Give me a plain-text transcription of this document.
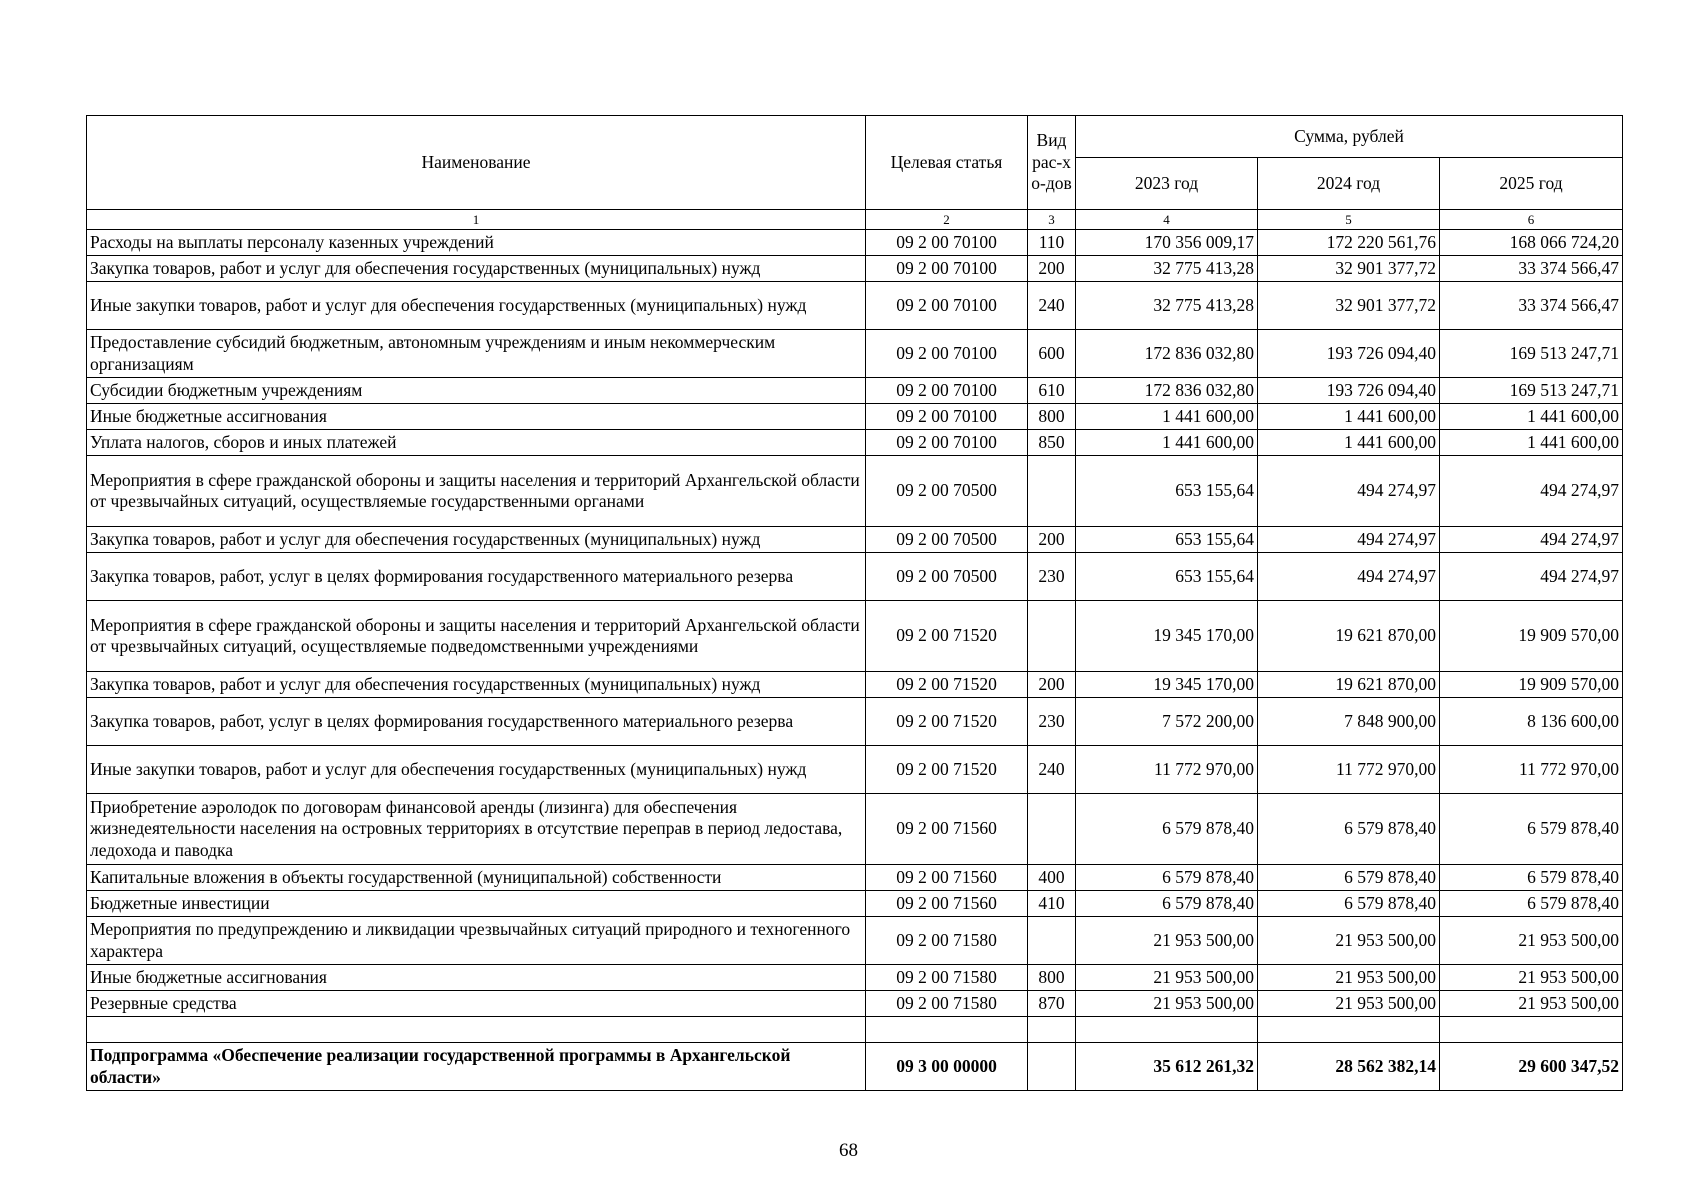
Наименование	Целевая статья	Вид рас-хо-дов	Сумма, рублей		
			2023 год	2024 год	2025 год
1	2	3	4	5	6
Расходы на выплаты персоналу казенных учреждений	09 2 00 70100	110	170 356 009,17	172 220 561,76	168 066 724,20
Закупка товаров, работ и услуг для обеспечения государственных (муниципальных) нужд	09 2 00 70100	200	32 775 413,28	32 901 377,72	33 374 566,47
Иные закупки товаров, работ и услуг для обеспечения государственных (муниципальных) нужд	09 2 00 70100	240	32 775 413,28	32 901 377,72	33 374 566,47
Предоставление субсидий бюджетным, автономным учреждениям и иным некоммерческим организациям	09 2 00 70100	600	172 836 032,80	193 726 094,40	169 513 247,71
Субсидии бюджетным учреждениям	09 2 00 70100	610	172 836 032,80	193 726 094,40	169 513 247,71
Иные бюджетные ассигнования	09 2 00 70100	800	1 441 600,00	1 441 600,00	1 441 600,00
Уплата налогов, сборов и иных платежей	09 2 00 70100	850	1 441 600,00	1 441 600,00	1 441 600,00
Мероприятия в сфере гражданской обороны и защиты населения и территорий Архангельской области от чрезвычайных ситуаций, осуществляемые государственными органами	09 2 00 70500		653 155,64	494 274,97	494 274,97
Закупка товаров, работ и услуг для обеспечения государственных (муниципальных) нужд	09 2 00 70500	200	653 155,64	494 274,97	494 274,97
Закупка товаров, работ, услуг в целях формирования государственного материального резерва	09 2 00 70500	230	653 155,64	494 274,97	494 274,97
Мероприятия в сфере гражданской обороны и защиты населения и территорий Архангельской области от чрезвычайных ситуаций, осуществляемые подведомственными учреждениями	09 2 00 71520		19 345 170,00	19 621 870,00	19 909 570,00
Закупка товаров, работ и услуг для обеспечения государственных (муниципальных) нужд	09 2 00 71520	200	19 345 170,00	19 621 870,00	19 909 570,00
Закупка товаров, работ, услуг в целях формирования государственного материального резерва	09 2 00 71520	230	7 572 200,00	7 848 900,00	8 136 600,00
Иные закупки товаров, работ и услуг для обеспечения государственных (муниципальных) нужд	09 2 00 71520	240	11 772 970,00	11 772 970,00	11 772 970,00
Приобретение аэролодок по договорам финансовой аренды (лизинга) для обеспечения жизнедеятельности населения на островных территориях в отсутствие переправ в период ледостава, ледохода и паводка	09 2 00 71560		6 579 878,40	6 579 878,40	6 579 878,40
Капитальные вложения в объекты государственной (муниципальной) собственности	09 2 00 71560	400	6 579 878,40	6 579 878,40	6 579 878,40
Бюджетные инвестиции	09 2 00 71560	410	6 579 878,40	6 579 878,40	6 579 878,40
Мероприятия по предупреждению и ликвидации чрезвычайных ситуаций природного и техногенного характера	09 2 00 71580		21 953 500,00	21 953 500,00	21 953 500,00
Иные бюджетные ассигнования	09 2 00 71580	800	21 953 500,00	21 953 500,00	21 953 500,00
Резервные средства	09 2 00 71580	870	21 953 500,00	21 953 500,00	21 953 500,00

Подпрограмма «Обеспечение реализации государственной программы в Архангельской области»	09 3 00 00000		35 612 261,32	28 562 382,14	29 600 347,52
68
